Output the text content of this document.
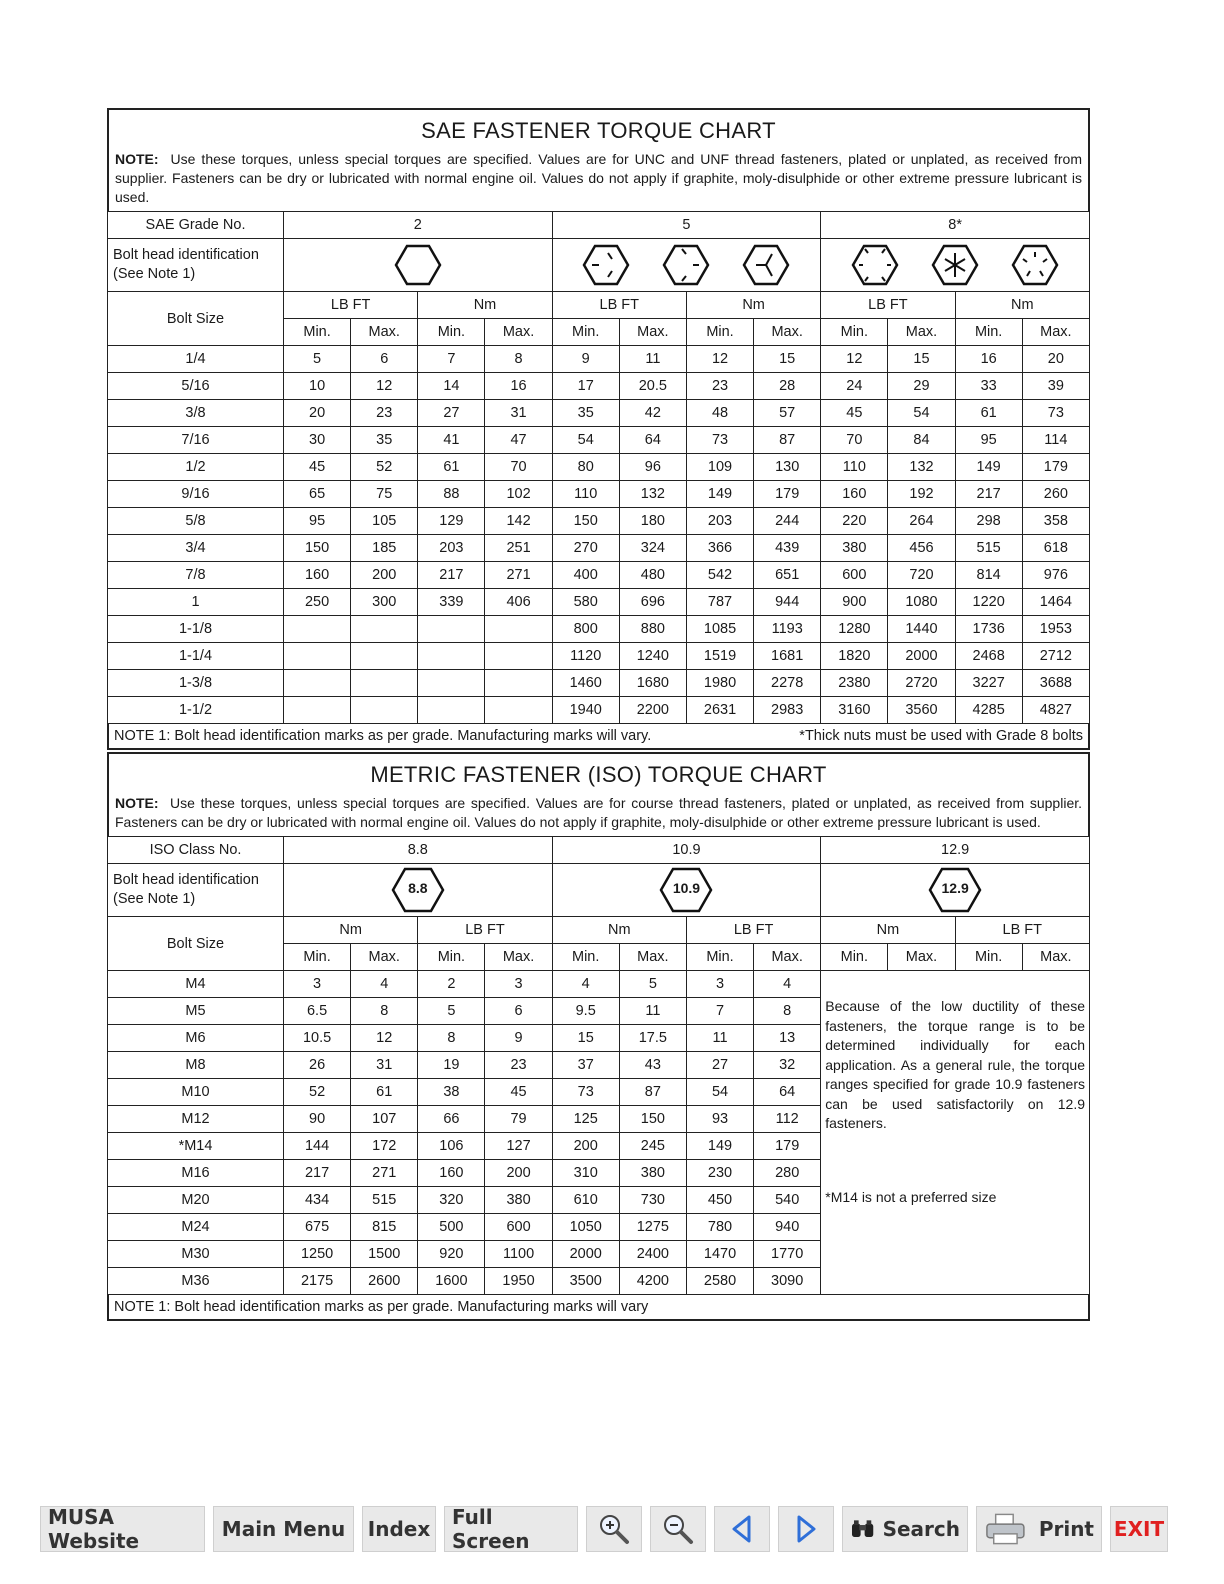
SAE FASTENER TORQUE CHART
NOTE: Use these torques, unless special torques are specified. Values are for UNC and UNF thread fasteners, plated or unplated, as received from supplier. Fasteners can be dry or lubricated with normal engine oil. Values do not apply if graphite, moly-disulphide or other extreme pressure lubricant is used.
SAE Grade No.	2				5				8*			
Bolt head identification (See Note 1)			
Bolt Size	LB FT		Nm		LB FT		Nm		LB FT		Nm	
	Min.	Max.	Min.	Max.	Min.	Max.	Min.	Max.	Min.	Max.	Min.	Max.
1/4	5	6	7	8	9	11	12	15	12	15	16	20
5/16	10	12	14	16	17	20.5	23	28	24	29	33	39
3/8	20	23	27	31	35	42	48	57	45	54	61	73
7/16	30	35	41	47	54	64	73	87	70	84	95	114
1/2	45	52	61	70	80	96	109	130	110	132	149	179
9/16	65	75	88	102	110	132	149	179	160	192	217	260
5/8	95	105	129	142	150	180	203	244	220	264	298	358
3/4	150	185	203	251	270	324	366	439	380	456	515	618
7/8	160	200	217	271	400	480	542	651	600	720	814	976
1	250	300	339	406	580	696	787	944	900	1080	1220	1464
1-1/8					800	880	1085	1193	1280	1440	1736	1953
1-1/4					1120	1240	1519	1681	1820	2000	2468	2712
1-3/8					1460	1680	1980	2278	2380	2720	3227	3688
1-1/2					1940	2200	2631	2983	3160	3560	4285	4827
NOTE 1: Bolt head identification marks as per grade. Manufacturing marks will vary.	*Thick nuts must be used with Grade 8 bolts
METRIC FASTENER (ISO) TORQUE CHART
NOTE: Use these torques, unless special torques are specified. Values are for course thread fasteners, plated or unplated, as received from supplier. Fasteners can be dry or lubricated with normal engine oil. Values do not apply if graphite, moly-disulphide or other extreme pressure lubricant is used.
ISO Class No.	8.8				10.9				12.9			
Bolt head identification (See Note 1)	8.8				10.9				12.9			

Bolt Size	Nm		LB FT		Nm		LB FT		Nm		LB FT	
	Min.	Max.	Min.	Max.	Min.	Max.	Min.	Max.	Min.	Max.	Min.	Max.
M4	3	4	2	3	4	5	3	4	Because of the low ductility of these fasteners, the torque range is to be determined individually for each application. As a general rule, the torque ranges specified for grade 10.9 fasteners can be used satisfactorily on 12.9 fasteners.
*M14 is not a preferred size			

M5	6.5	8	5	6	9.5	11	7	8				
M6	10.5	12	8	9	15	17.5	11	13				
M8	26	31	19	23	37	43	27	32				
M10	52	61	38	45	73	87	54	64				
M12	90	107	66	79	125	150	93	112				
*M14	144	172	106	127	200	245	149	179				
M16	217	271	160	200	310	380	230	280				
M20	434	515	320	380	610	730	450	540				
M24	675	815	500	600	1050	1275	780	940				
M30	1250	1500	920	1100	2000	2400	1470	1770				
M36	2175	2600	1600	1950	3500	4200	2580	3090				
NOTE 1: Bolt head identification marks as per grade. Manufacturing marks will vary
MUSA Website	Main Menu	Index	Full Screen	Search	Print EXIT
